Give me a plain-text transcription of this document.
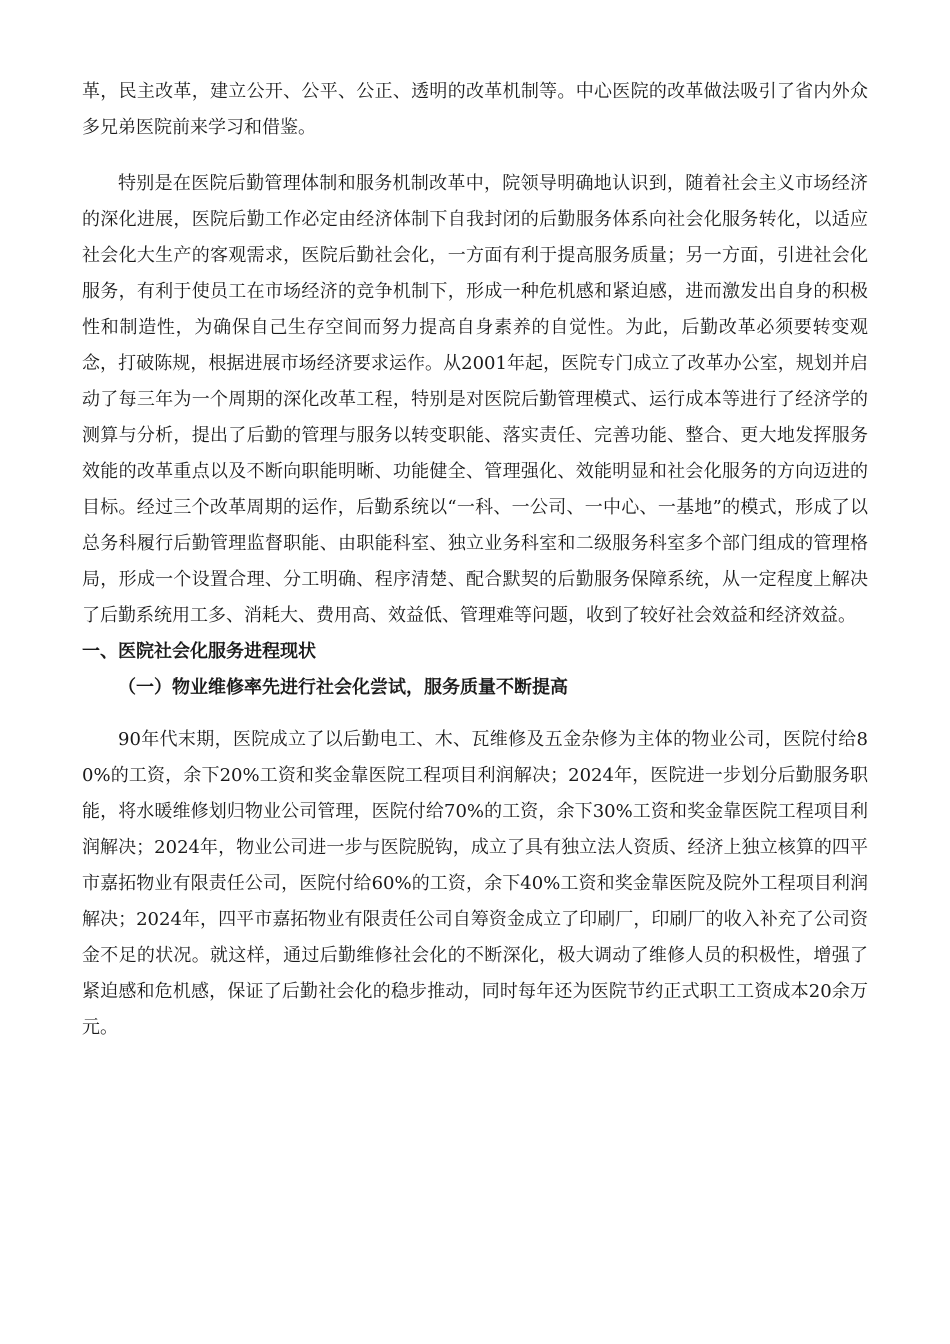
革，民主改革，建立公开、公平、公正、透明的改革机制等。中心医院的改革做法吸引了省内外众多兄弟医院前来学习和借鉴。

特别是在医院后勤管理体制和服务机制改革中，院领导明确地认识到，随着社会主义市场经济的深化进展，医院后勤工作必定由经济体制下自我封闭的后勤服务体系向社会化服务转化，以适应社会化大生产的客观需求，医院后勤社会化，一方面有利于提高服务质量；另一方面，引进社会化服务，有利于使员工在市场经济的竞争机制下，形成一种危机感和紧迫感，进而激发出自身的积极性和制造性，为确保自己生存空间而努力提高自身素养的自觉性。为此，后勤改革必须要转变观念，打破陈规，根据进展市场经济要求运作。从2001年起，医院专门成立了改革办公室，规划并启动了每三年为一个周期的深化改革工程，特别是对医院后勤管理模式、运行成本等进行了经济学的测算与分析，提出了后勤的管理与服务以转变职能、落实责任、完善功能、整合、更大地发挥服务效能的改革重点以及不断向职能明晰、功能健全、管理强化、效能明显和社会化服务的方向迈进的目标。经过三个改革周期的运作，后勤系统以“一科、一公司、一中心、一基地”的模式，形成了以总务科履行后勤管理监督职能、由职能科室、独立业务科室和二级服务科室多个部门组成的管理格局，形成一个设置合理、分工明确、程序清楚、配合默契的后勤服务保障系统，从一定程度上解决了后勤系统用工多、消耗大、费用高、效益低、管理难等问题，收到了较好社会效益和经济效益。

一、医院社会化服务进程现状
（一）物业维修率先进行社会化尝试，服务质量不断提高

90年代末期，医院成立了以后勤电工、木、瓦维修及五金杂修为主体的物业公司，医院付给80%的工资，余下20%工资和奖金靠医院工程项目利润解决；2024年，医院进一步划分后勤服务职能，将水暖维修划归物业公司管理，医院付给70%的工资，余下30%工资和奖金靠医院工程项目利润解决；2024年，物业公司进一步与医院脱钩，成立了具有独立法人资质、经济上独立核算的四平市嘉拓物业有限责任公司，医院付给60%的工资，余下40%工资和奖金靠医院及院外工程项目利润解决；2024年，四平市嘉拓物业有限责任公司自筹资金成立了印刷厂，印刷厂的收入补充了公司资金不足的状况。就这样，通过后勤维修社会化的不断深化，极大调动了维修人员的积极性，增强了紧迫感和危机感，保证了后勤社会化的稳步推动，同时每年还为医院节约正式职工工资成本20余万元。
